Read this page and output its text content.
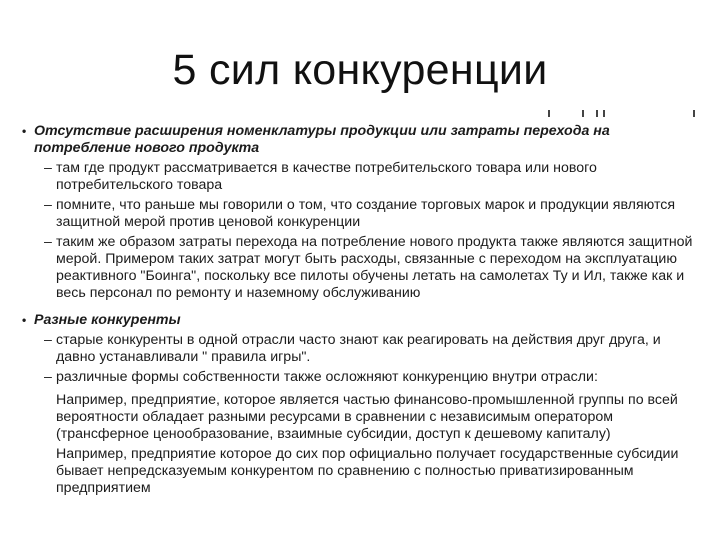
5 сил конкуренции
• Отсутствие расширения номенклатуры продукции или затраты перехода на потребление нового продукта
– там где продукт рассматривается в качестве потребительского товара или нового потребительского товара
– помните, что раньше мы говорили о том, что создание торговых марок и продукции являются защитной мерой против ценовой конкуренции
– таким же образом затраты перехода на потребление нового продукта также являются защитной мерой. Примером таких затрат могут быть расходы, связанные с переходом на эксплуатацию реактивного "Боинга", поскольку все пилоты обучены летать на самолетах Ту и Ил, также как и весь персонал по ремонту и наземному обслуживанию
• Разные конкуренты
– старые конкуренты в одной отрасли часто знают как реагировать на действия друг друга, и давно устанавливали " правила игры".
– различные формы собственности также осложняют конкуренцию внутри отрасли:
Например, предприятие, которое является частью финансово-промышленной группы по всей вероятности обладает разными ресурсами в сравнении с независимым оператором (трансферное ценообразование, взаимные субсидии, доступ к дешевому капиталу)
Например, предприятие которое до сих пор официально получает государственные субсидии бывает непредсказуемым конкурентом по сравнению с полностью приватизированным предприятием
